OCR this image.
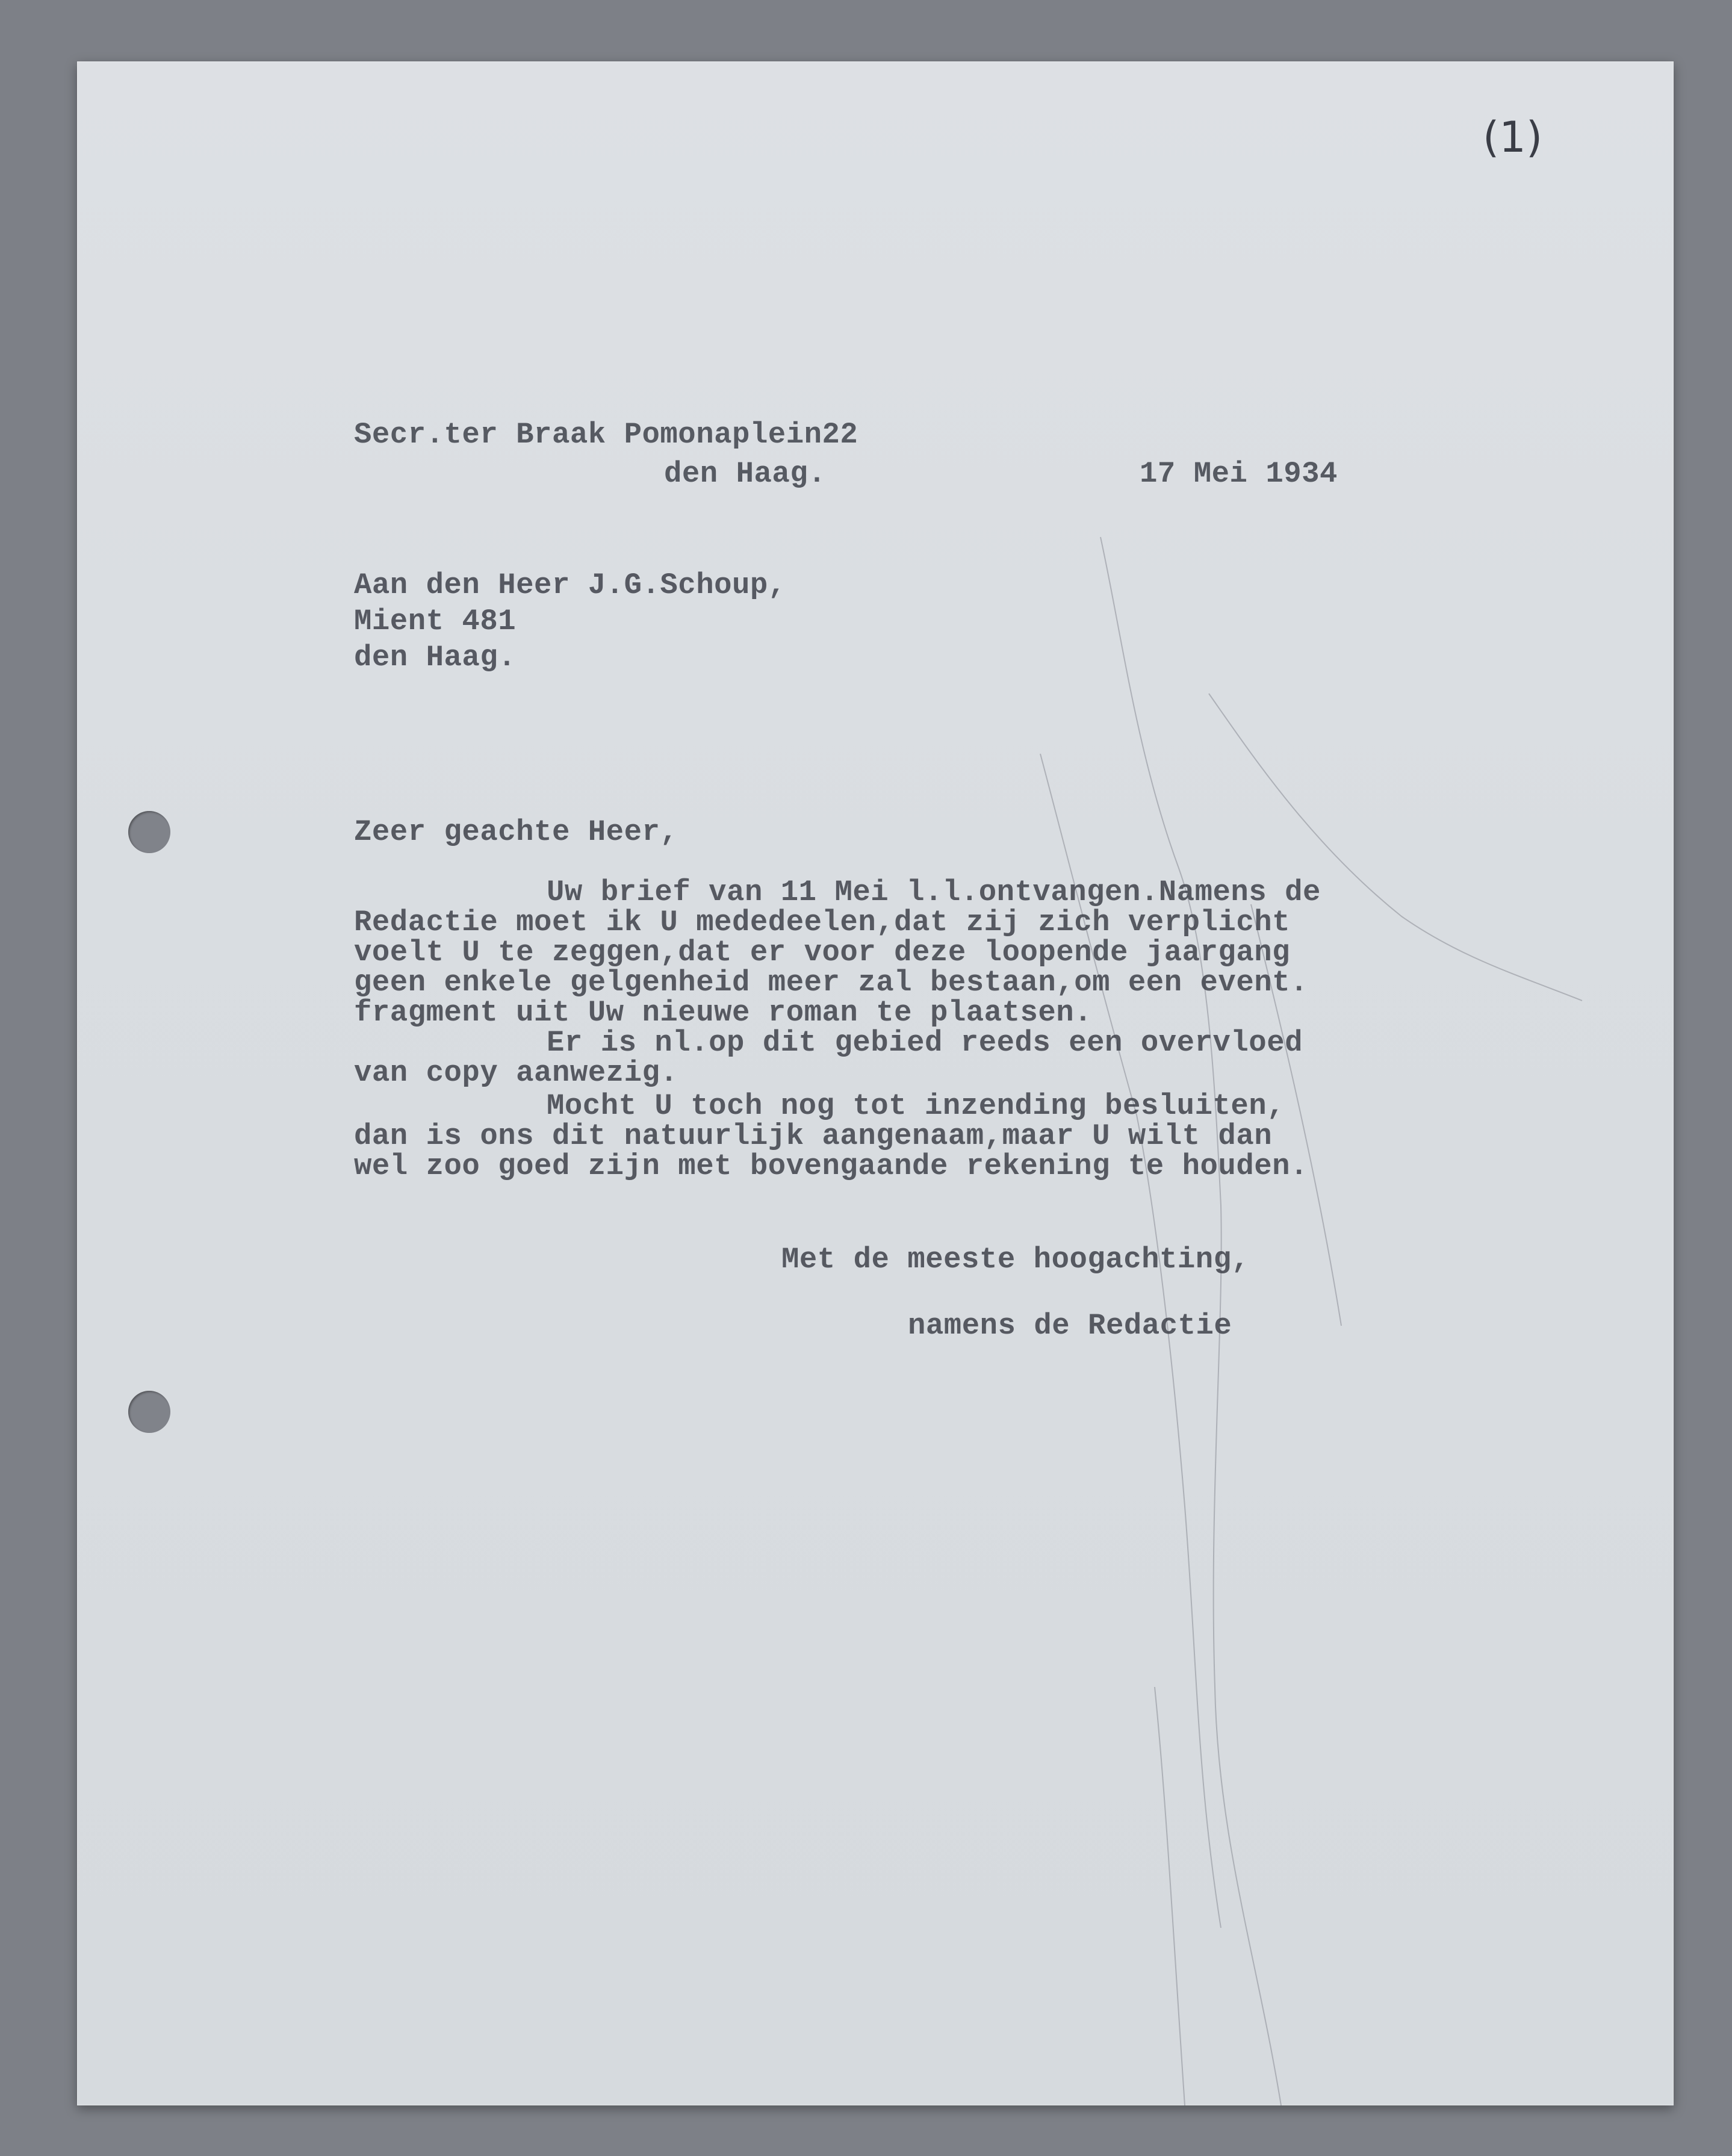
(1)
Secr.ter Braak Pomonaplein22
den Haag.	17 Mei 1934
Aan den Heer J.G.Schoup,
Mient 481
den Haag.
Zeer geachte Heer,
Uw brief van 11 Mei l.l.ontvangen.Namens de
Redactie moet ik U mededeelen,dat zij zich verplicht
voelt U te zeggen,dat er voor deze loopende jaargang
geen enkele gelgenheid meer zal bestaan,om een event.
fragment uit Uw nieuwe roman te plaatsen.
Er is nl.op dit gebied reeds een overvloed
van copy aanwezig.
Mocht U toch nog tot inzending besluiten,
dan is ons dit natuurlijk aangenaam,maar U wilt dan
wel zoo goed zijn met bovengaande rekening te houden.
Met de meeste hoogachting,
namens de Redactie
